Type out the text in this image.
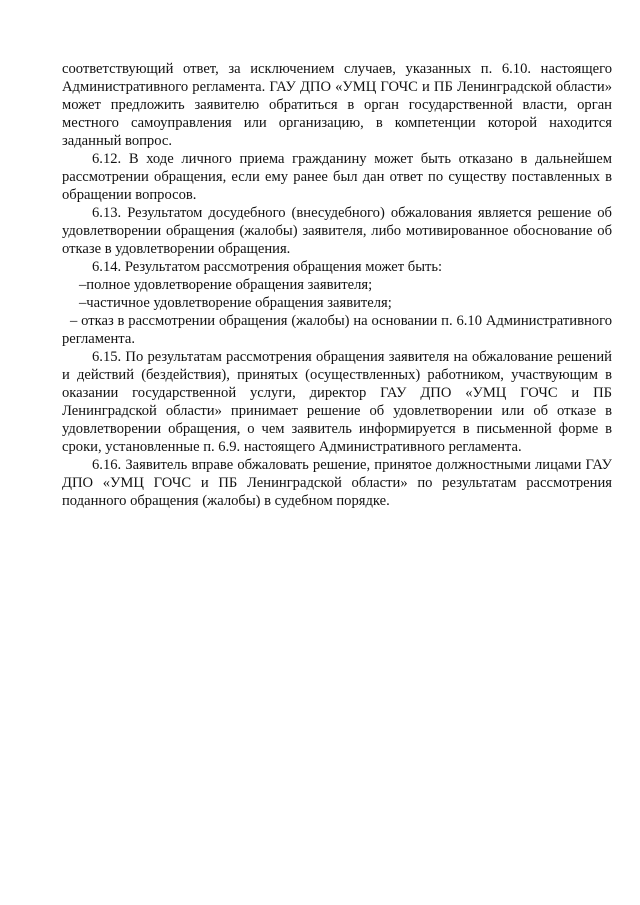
соответствующий ответ, за исключением случаев, указанных п. 6.10. настоящего Административного регламента. ГАУ ДПО «УМЦ ГОЧС и ПБ Ленинградской области» может предложить заявителю обратиться в орган государственной власти, орган местного самоуправления или организацию, в компетенции которой находится заданный вопрос.

6.12. В ходе личного приема гражданину может быть отказано в дальнейшем рассмотрении обращения, если ему ранее был дан ответ по существу поставленных в обращении вопросов.

6.13. Результатом досудебного (внесудебного) обжалования является решение об удовлетворении обращения (жалобы) заявителя, либо мотивированное обоснование об отказе в удовлетворении обращения.

6.14. Результатом рассмотрения обращения может быть:

–полное удовлетворение обращения заявителя;

–частичное удовлетворение обращения заявителя;

– отказ в рассмотрении обращения (жалобы) на основании п. 6.10 Административного регламента.

6.15. По результатам рассмотрения обращения заявителя на обжалование решений и действий (бездействия), принятых (осуществленных) работником, участвующим в оказании государственной услуги, директор ГАУ ДПО «УМЦ ГОЧС и ПБ Ленинградской области» принимает решение об удовлетворении или об отказе в удовлетворении обращения, о чем заявитель информируется в письменной форме в сроки, установленные п. 6.9. настоящего Административного регламента.

6.16. Заявитель вправе обжаловать решение, принятое должностными лицами ГАУ ДПО «УМЦ ГОЧС и ПБ Ленинградской области» по результатам рассмотрения поданного обращения (жалобы) в судебном порядке.
